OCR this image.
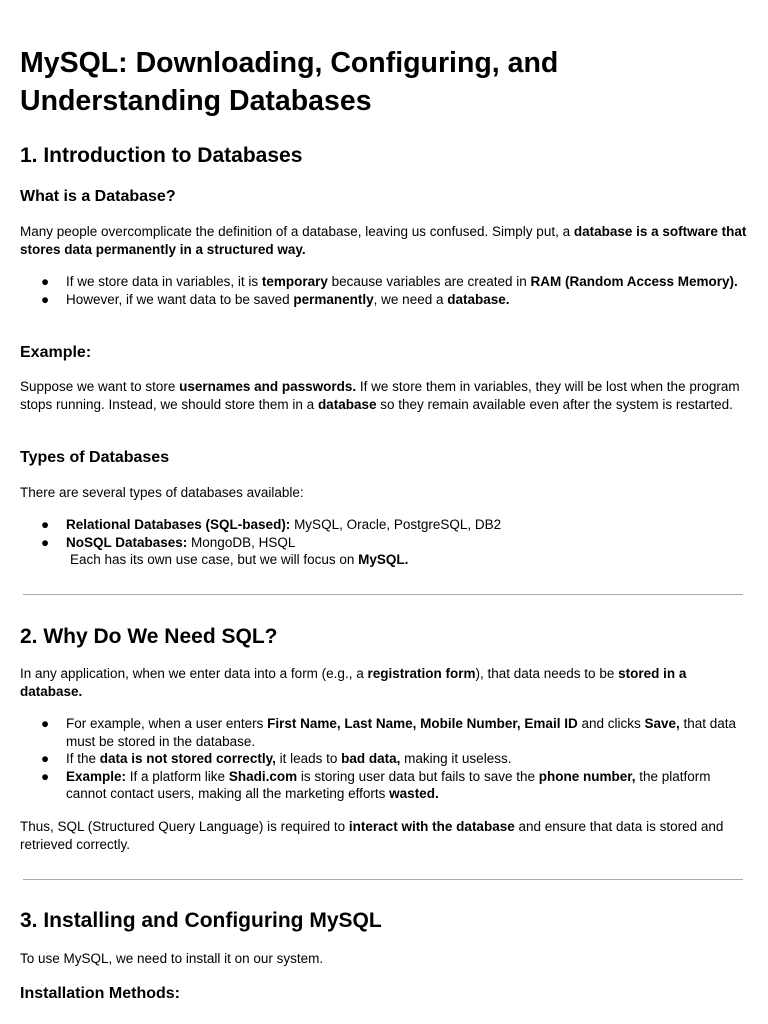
MySQL: Downloading, Configuring, and Understanding Databases
1. Introduction to Databases
What is a Database?

Many people overcomplicate the definition of a database, leaving us confused. Simply put, a database is a software that stores data permanently in a structured way.

● If we store data in variables, it is temporary because variables are created in RAM (Random Access Memory).
● However, if we want data to be saved permanently, we need a database.
Example:

Suppose we want to store usernames and passwords. If we store them in variables, they will be lost when the program stops running. Instead, we should store them in a database so they remain available even after the system is restarted.

Types of Databases

There are several types of databases available:

● Relational Databases (SQL-based): MySQL, Oracle, PostgreSQL, DB2
● NoSQL Databases: MongoDB, HSQL
Each has its own use case, but we will focus on MySQL.
2. Why Do We Need SQL?

In any application, when we enter data into a form (e.g., a registration form), that data needs to be stored in a database.

● For example, when a user enters First Name, Last Name, Mobile Number, Email ID and clicks Save, that data must be stored in the database.
● If the data is not stored correctly, it leads to bad data, making it useless.
● Example: If a platform like Shadi.com is storing user data but fails to save the phone number, the platform cannot contact users, making all the marketing efforts wasted.

Thus, SQL (Structured Query Language) is required to interact with the database and ensure that data is stored and retrieved correctly.

3. Installing and Configuring MySQL

To use MySQL, we need to install it on our system.

Installation Methods:
